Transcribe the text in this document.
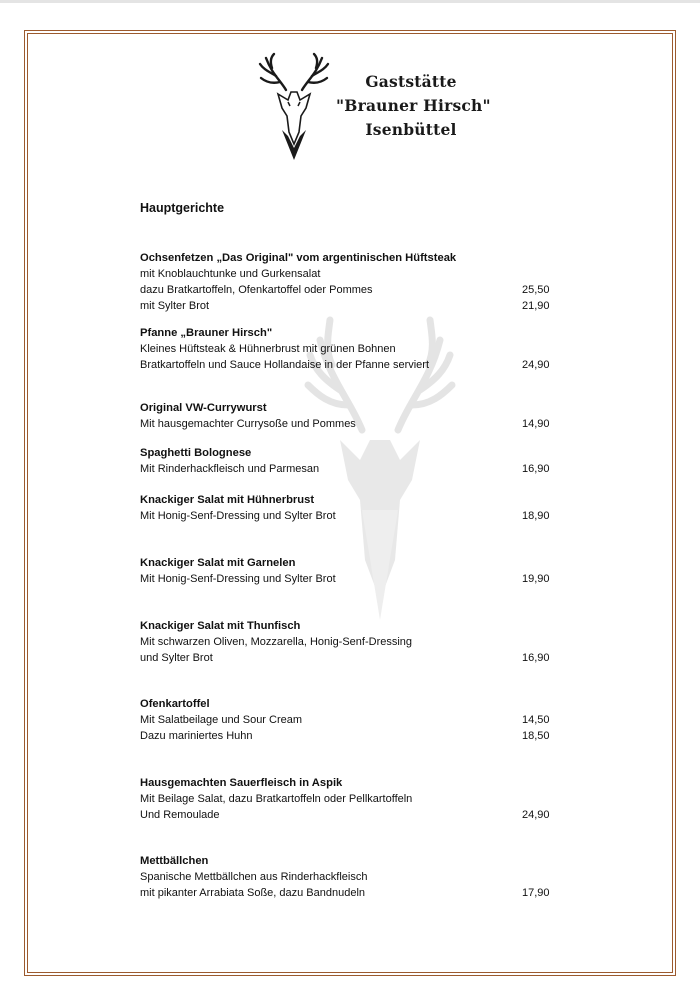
Gaststätte
"Brauner Hirsch"
Isenbüttel
Hauptgerichte
Ochsenfetzen „Das Original" vom argentinischen Hüftsteak
mit Knoblauchtunke und Gurkensalat
dazu Bratkartoffeln, Ofenkartoffel oder Pommes	25,50
mit Sylter Brot	21,90
Pfanne „Brauner Hirsch"
Kleines Hüftsteak & Hühnerbrust mit grünen Bohnen
Bratkartoffeln und Sauce Hollandaise in der Pfanne serviert	24,90
Original VW-Currywurst
Mit hausgemachter Currysoße und Pommes	14,90
Spaghetti Bolognese
Mit Rinderhackfleisch und Parmesan	16,90
Knackiger Salat mit Hühnerbrust
Mit Honig-Senf-Dressing und Sylter Brot	18,90
Knackiger Salat mit Garnelen
Mit Honig-Senf-Dressing und Sylter Brot	19,90
Knackiger Salat mit Thunfisch
Mit schwarzen Oliven, Mozzarella, Honig-Senf-Dressing
und Sylter Brot	16,90
Ofenkartoffel
Mit Salatbeilage und Sour Cream	14,50
Dazu mariniertes Huhn	18,50
Hausgemachten Sauerfleisch in Aspik
Mit Beilage Salat, dazu Bratkartoffeln oder Pellkartoffeln
Und Remoulade	24,90
Mettbällchen
Spanische Mettbällchen aus Rinderhackfleisch
mit pikanter Arrabiata Soße, dazu Bandnudeln	17,90
